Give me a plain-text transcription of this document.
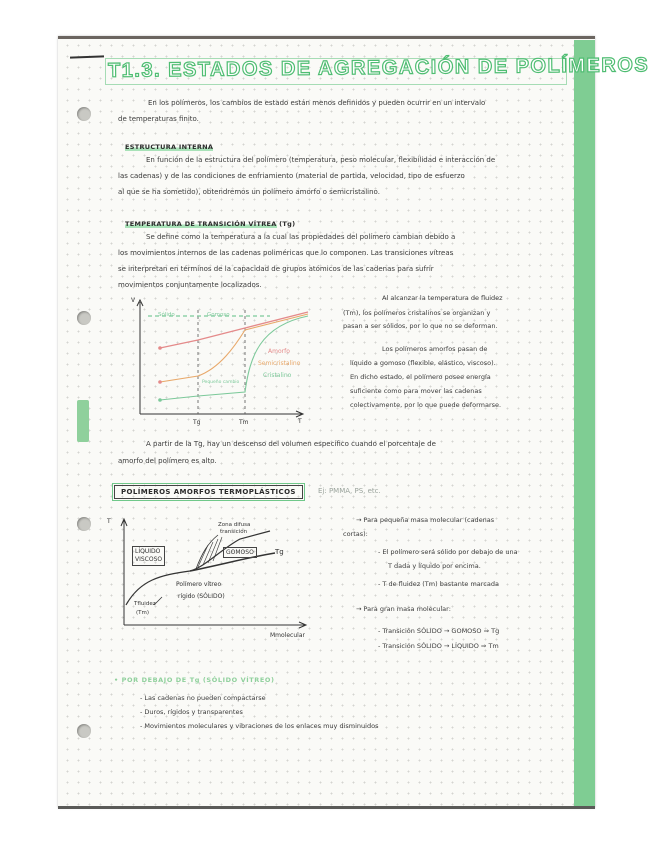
T1.3. ESTADOS DE AGREGACIÓN DE POLÍMEROS
En los polímeros, los cambios de estado están menos definidos y pueden ocurrir en un intervalo
de temperaturas finito.
ESTRUCTURA INTERNA
En función de la estructura del polímero (temperatura, peso molecular, flexibilidad e interacción de
las cadenas) y de las condiciones de enfriamiento (material de partida, velocidad, tipo de esfuerzo
al que se ha sometido), obtendremos un polímero amorfo o semicristalino.
TEMPERATURA DE TRANSICIÓN VÍTREA (Tg)
Se define como la temperatura a la cual las propiedades del polímero cambian debido a
los movimientos internos de las cadenas poliméricas que lo componen. Las transiciones vítreas
se interpretan en términos de la capacidad de grupos atómicos de las cadenas para sufrir
movimientos conjuntamente localizados.
V
T
Tg	Tm
Sólido	Gomoso
Amorfo
Semicristalino
Cristalino
Pequeño cambio
Al alcanzar la temperatura de fluidez
(Tm), los polímeros cristalinos se organizan y
pasan a ser sólidos, por lo que no se deforman.
Los polímeros amorfos pasan de
líquido a gomoso (flexible, elástico, viscoso).
En dicho estado, el polímero posee energía
suficiente como para mover las cadenas
colectivamente, por lo que puede deformarse.
A partir de la Tg, hay un descenso del volumen específico cuando el porcentaje de
amorfo del polímero es alto.
POLÍMEROS AMORFOS TERMOPLÁSTICOS	Ej: PMMA, PS, etc.
T
Mmolecular
Zona difusa
transición
LÍQUIDO
VISCOSO
GOMOSO	Tg
Polímero vítreo
rígido (SÓLIDO)
Tfluidez
(Tm)
→ Para pequeña masa molecular (cadenas
cortas):
- El polímero será sólido por debajo de una
T dada y líquido por encima.
- T de fluidez (Tm) bastante marcada
→ Para gran masa molecular:
- Transición SÓLIDO → GOMOSO ⇒ Tg
- Transición SÓLIDO → LÍQUIDO ⇒ Tm
• POR DEBAJO DE Tg (SÓLIDO VÍTREO)
- Las cadenas no pueden compactarse
- Duros, rígidos y transparentes
- Movimientos moleculares y vibraciones de los enlaces muy disminuidos
